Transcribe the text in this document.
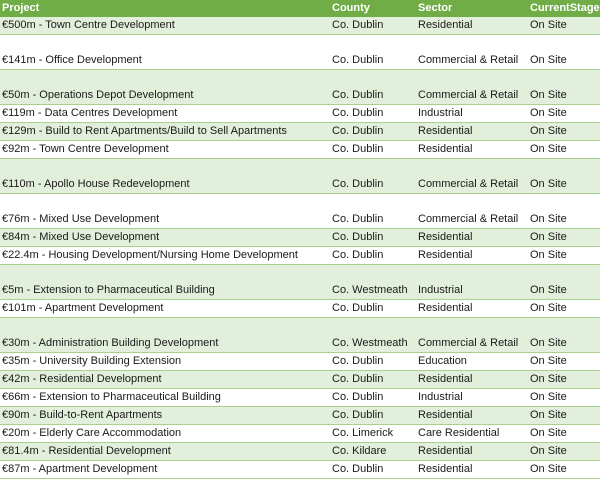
Project	County	Sector	CurrentStage
€500m - Town Centre Development	Co. Dublin	Residential	On Site
€141m - Office Development	Co. Dublin	Commercial & Retail	On Site
€50m - Operations Depot Development	Co. Dublin	Commercial & Retail	On Site
€119m - Data Centres Development	Co. Dublin	Industrial	On Site
€129m - Build to Rent Apartments/Build to Sell Apartments	Co. Dublin	Residential	On Site
€92m - Town Centre Development	Co. Dublin	Residential	On Site
€110m - Apollo House Redevelopment	Co. Dublin	Commercial & Retail	On Site
€76m - Mixed Use Development	Co. Dublin	Commercial & Retail	On Site
€84m - Mixed Use Development	Co. Dublin	Residential	On Site
€22.4m - Housing Development/Nursing Home Development	Co. Dublin	Residential	On Site
€5m - Extension to Pharmaceutical Building	Co. Westmeath	Industrial	On Site
€101m - Apartment Development	Co. Dublin	Residential	On Site
€30m - Administration Building Development	Co. Westmeath	Commercial & Retail	On Site
€35m - University Building Extension	Co. Dublin	Education	On Site
€42m - Residential Development	Co. Dublin	Residential	On Site
€66m - Extension to Pharmaceutical Building	Co. Dublin	Industrial	On Site
€90m - Build-to-Rent Apartments	Co. Dublin	Residential	On Site
€20m - Elderly Care Accommodation	Co. Limerick	Care Residential	On Site
€81.4m - Residential Development	Co. Kildare	Residential	On Site
€87m - Apartment Development	Co. Dublin	Residential	On Site
